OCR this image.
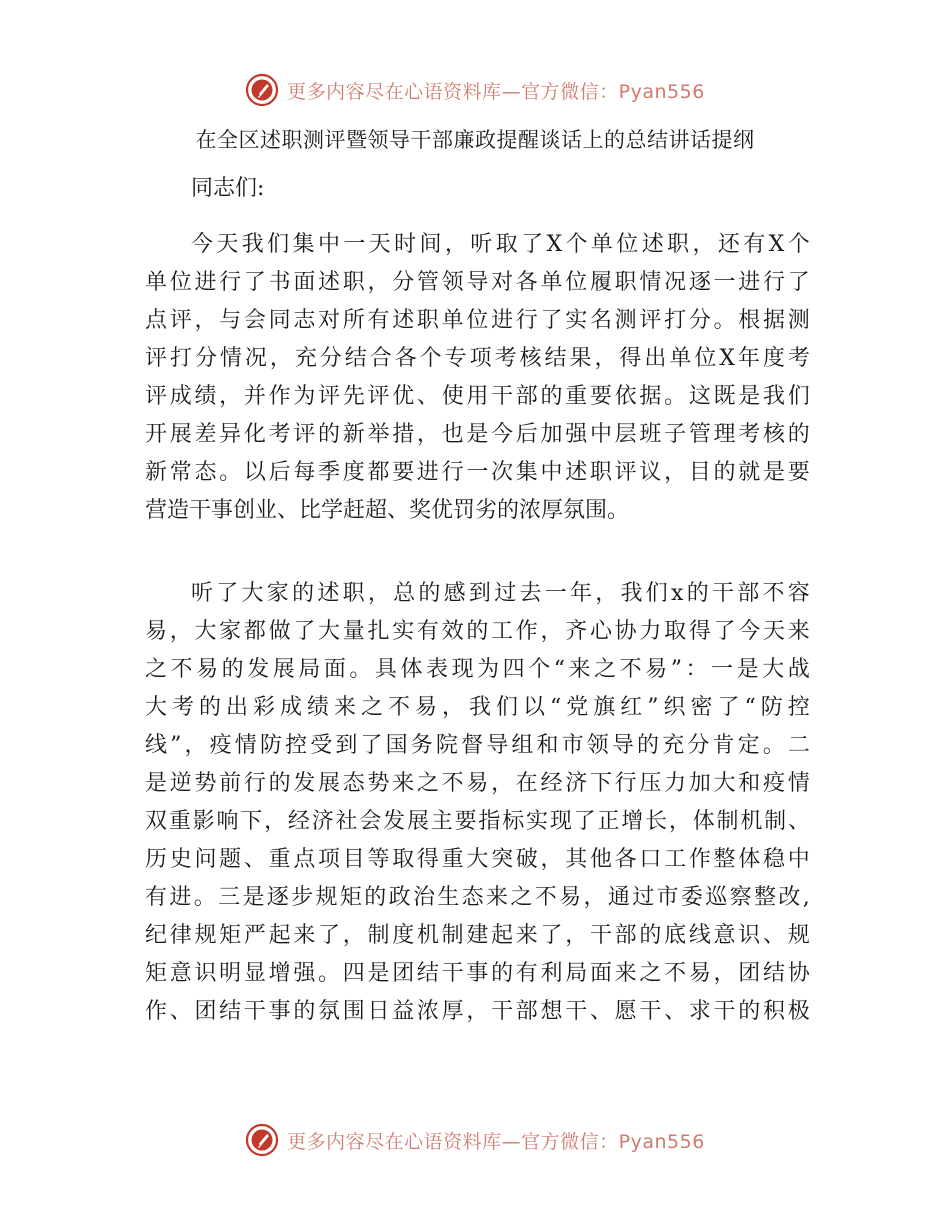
更多内容尽在心语资料库—官方微信：Pyan556
在全区述职测评暨领导干部廉政提醒谈话上的总结讲话提纲
同志们:
今 天 我 们 集 中 一 天 时 间 ， 听 取 了 X 个 单 位 述 职 ， 还 有 X 个
单 位 进 行 了 书 面 述 职 ， 分 管 领 导 对 各 单 位 履 职 情 况 逐 一 进 行 了
点 评 ， 与 会 同 志 对 所 有 述 职 单 位 进 行 了 实 名 测 评 打 分 。 根 据 测
评 打 分 情 况 ， 充 分 结 合 各 个 专 项 考 核 结 果 ， 得 出 单 位 X 年 度 考
评 成 绩 ， 并 作 为 评 先 评 优 、 使 用 干 部 的 重 要 依 据 。 这 既 是 我 们
开 展 差 异 化 考 评 的 新 举 措 ， 也 是 今 后 加 强 中 层 班 子 管 理 考 核 的
新 常 态 。 以 后 每 季 度 都 要 进 行 一 次 集 中 述 职 评 议 ， 目 的 就 是 要
营造干事创业、比学赶超、奖优罚劣的浓厚氛围。
听 了 大 家 的 述 职 ， 总 的 感 到 过 去 一 年 ， 我 们 x 的 干 部 不 容
易 ， 大 家 都 做 了 大 量 扎 实 有 效 的 工 作 ， 齐 心 协 力 取 得 了 今 天 来
之 不 易 的 发 展 局 面 。 具 体 表 现 为 四 个 “ 来 之 不 易 ” ： 一 是 大 战
大 考 的 出 彩 成 绩 来 之 不 易 ， 我 们 以 “ 党 旗 红 ” 织 密 了 “ 防 控
线 ” ， 疫 情 防 控 受 到 了 国 务 院 督 导 组 和 市 领 导 的 充 分 肯 定 。 二
是 逆 势 前 行 的 发 展 态 势 来 之 不 易 ， 在 经 济 下 行 压 力 加 大 和 疫 情
双 重 影 响 下 ， 经 济 社 会 发 展 主 要 指 标 实 现 了 正 增 长 ， 体 制 机 制 、
历 史 问 题 、 重 点 项 目 等 取 得 重 大 突 破 ， 其 他 各 口 工 作 整 体 稳 中
有 进 。 三 是 逐 步 规 矩 的 政 治 生 态 来 之 不 易 ， 通 过 市 委 巡 察 整 改 ,
纪 律 规 矩 严 起 来 了 ， 制 度 机 制 建 起 来 了 ， 干 部 的 底 线 意 识 、 规
矩 意 识 明 显 增 强 。 四 是 团 结 干 事 的 有 利 局 面 来 之 不 易 ， 团 结 协
作 、 团 结 干 事 的 氛 围 日 益 浓 厚 ， 干 部 想 干 、 愿 干 、 求 干 的 积 极
更多内容尽在心语资料库—官方微信：Pyan556
